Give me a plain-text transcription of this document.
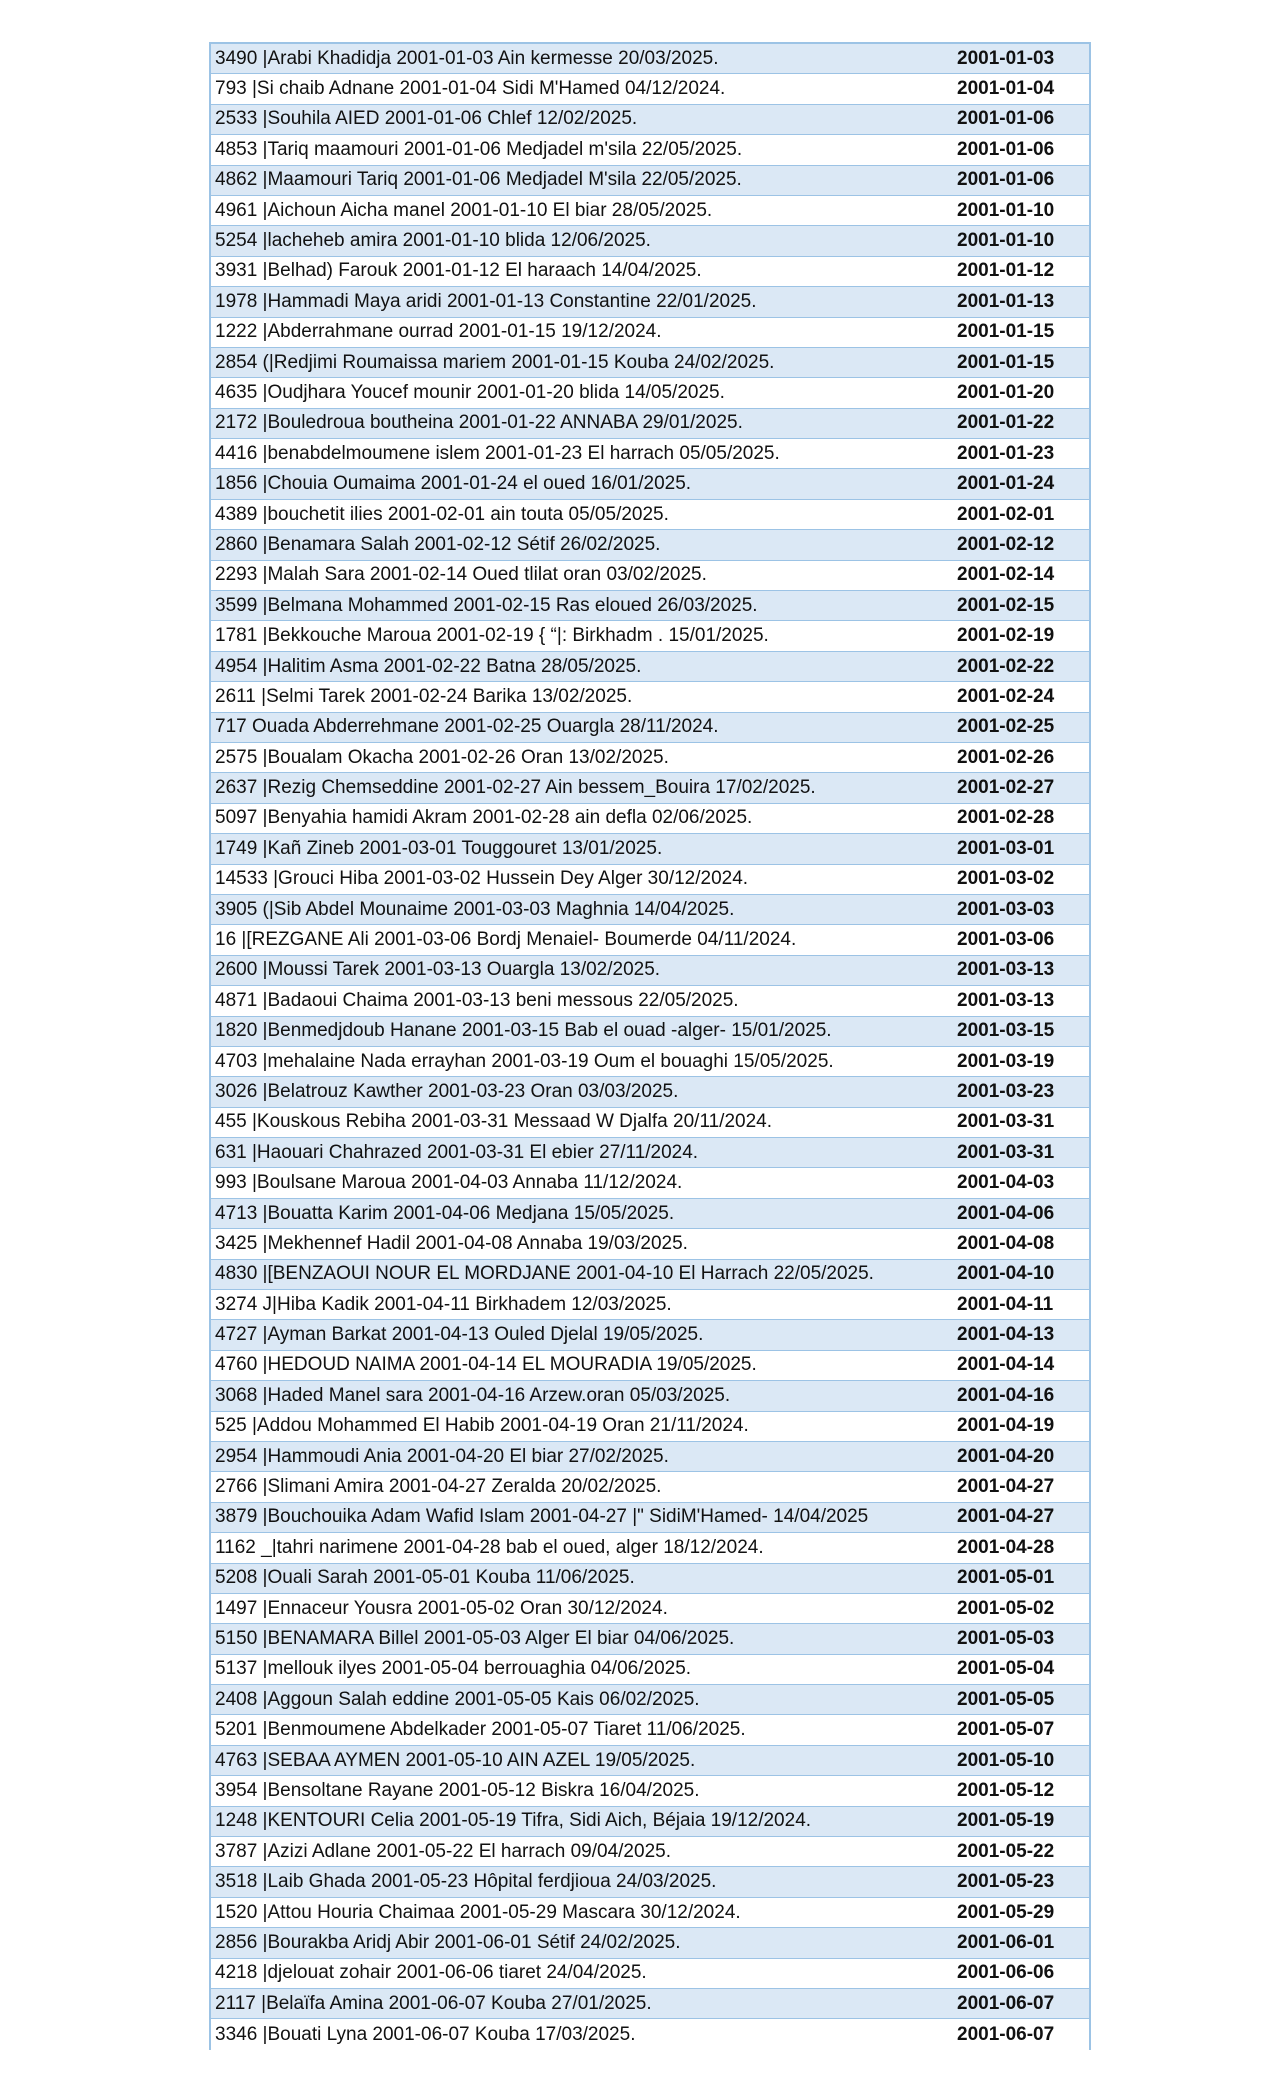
3490 |Arabi Khadidja 2001-01-03 Ain kermesse 20/03/2025.	2001-01-03
793 |Si chaib Adnane 2001-01-04 Sidi M'Hamed 04/12/2024.	2001-01-04
2533 |Souhila AIED 2001-01-06 Chlef 12/02/2025.	2001-01-06
4853 |Tariq maamouri 2001-01-06 Medjadel m'sila 22/05/2025.	2001-01-06
4862 |Maamouri Tariq 2001-01-06 Medjadel M'sila 22/05/2025.	2001-01-06
4961 |Aichoun Aicha manel 2001-01-10 El biar 28/05/2025.	2001-01-10
5254 |lacheheb amira 2001-01-10 blida 12/06/2025.	2001-01-10
3931 |Belhad) Farouk 2001-01-12 El haraach 14/04/2025.	2001-01-12
1978 |Hammadi Maya aridi 2001-01-13 Constantine 22/01/2025.	2001-01-13
1222 |Abderrahmane ourrad 2001-01-15 19/12/2024.	2001-01-15
2854 (|Redjimi Roumaissa mariem 2001-01-15 Kouba 24/02/2025.	2001-01-15
4635 |Oudjhara Youcef mounir 2001-01-20 blida 14/05/2025.	2001-01-20
2172 |Bouledroua boutheina 2001-01-22 ANNABA 29/01/2025.	2001-01-22
4416 |benabdelmoumene islem 2001-01-23 El harrach 05/05/2025.	2001-01-23
1856 |Chouia Oumaima 2001-01-24 el oued 16/01/2025.	2001-01-24
4389 |bouchetit ilies 2001-02-01 ain touta 05/05/2025.	2001-02-01
2860 |Benamara Salah 2001-02-12 Sétif 26/02/2025.	2001-02-12
2293 |Malah Sara 2001-02-14 Oued tlilat oran 03/02/2025.	2001-02-14
3599 |Belmana Mohammed 2001-02-15 Ras eloued 26/03/2025.	2001-02-15
1781 |Bekkouche Maroua 2001-02-19 { “|: Birkhadm . 15/01/2025.	2001-02-19
4954 |Halitim Asma 2001-02-22 Batna 28/05/2025.	2001-02-22
2611 |Selmi Tarek 2001-02-24 Barika 13/02/2025.	2001-02-24
717 Ouada Abderrehmane 2001-02-25 Ouargla 28/11/2024.	2001-02-25
2575 |Boualam Okacha 2001-02-26 Oran 13/02/2025.	2001-02-26
2637 |Rezig Chemseddine 2001-02-27 Ain bessem_Bouira 17/02/2025.	2001-02-27
5097 |Benyahia hamidi Akram 2001-02-28 ain defla 02/06/2025.	2001-02-28
1749 |Kañ Zineb 2001-03-01 Touggouret 13/01/2025.	2001-03-01
14533 |Grouci Hiba 2001-03-02 Hussein Dey Alger 30/12/2024.	2001-03-02
3905 (|Sib Abdel Mounaime 2001-03-03 Maghnia 14/04/2025.	2001-03-03
16 |[REZGANE Ali 2001-03-06 Bordj Menaiel- Boumerde 04/11/2024.	2001-03-06
2600 |Moussi Tarek 2001-03-13 Ouargla 13/02/2025.	2001-03-13
4871 |Badaoui Chaima 2001-03-13 beni messous 22/05/2025.	2001-03-13
1820 |Benmedjdoub Hanane 2001-03-15 Bab el ouad -alger- 15/01/2025.	2001-03-15
4703 |mehalaine Nada errayhan 2001-03-19 Oum el bouaghi 15/05/2025.	2001-03-19
3026 |Belatrouz Kawther 2001-03-23 Oran 03/03/2025.	2001-03-23
455 |Kouskous Rebiha 2001-03-31 Messaad W Djalfa 20/11/2024.	2001-03-31
631 |Haouari Chahrazed 2001-03-31 El ebier 27/11/2024.	2001-03-31
993 |Boulsane Maroua 2001-04-03 Annaba 11/12/2024.	2001-04-03
4713 |Bouatta Karim 2001-04-06 Medjana 15/05/2025.	2001-04-06
3425 |Mekhennef Hadil 2001-04-08 Annaba 19/03/2025.	2001-04-08
4830 |[BENZAOUI NOUR EL MORDJANE 2001-04-10 El Harrach 22/05/2025.	2001-04-10
3274 J|Hiba Kadik 2001-04-11 Birkhadem 12/03/2025.	2001-04-11
4727 |Ayman Barkat 2001-04-13 Ouled Djelal 19/05/2025.	2001-04-13
4760 |HEDOUD NAIMA 2001-04-14 EL MOURADIA 19/05/2025.	2001-04-14
3068 |Haded Manel sara 2001-04-16 Arzew.oran 05/03/2025.	2001-04-16
525 |Addou Mohammed El Habib 2001-04-19 Oran 21/11/2024.	2001-04-19
2954 |Hammoudi Ania 2001-04-20 El biar 27/02/2025.	2001-04-20
2766 |Slimani Amira 2001-04-27 Zeralda 20/02/2025.	2001-04-27
3879 |Bouchouika Adam Wafid Islam 2001-04-27 |" SidiM'Hamed- 14/04/2025	2001-04-27
1162 _|tahri narimene 2001-04-28 bab el oued, alger 18/12/2024.	2001-04-28
5208 |Ouali Sarah 2001-05-01 Kouba 11/06/2025.	2001-05-01
1497 |Ennaceur Yousra 2001-05-02 Oran 30/12/2024.	2001-05-02
5150 |BENAMARA Billel 2001-05-03 Alger El biar 04/06/2025.	2001-05-03
5137 |mellouk ilyes 2001-05-04 berrouaghia 04/06/2025.	2001-05-04
2408 |Aggoun Salah eddine 2001-05-05 Kais 06/02/2025.	2001-05-05
5201 |Benmoumene Abdelkader 2001-05-07 Tiaret 11/06/2025.	2001-05-07
4763 |SEBAA AYMEN 2001-05-10 AIN AZEL 19/05/2025.	2001-05-10
3954 |Bensoltane Rayane 2001-05-12 Biskra 16/04/2025.	2001-05-12
1248 |KENTOURI Celia 2001-05-19 Tifra, Sidi Aich, Béjaia 19/12/2024.	2001-05-19
3787 |Azizi Adlane 2001-05-22 El harrach 09/04/2025.	2001-05-22
3518 |Laib Ghada 2001-05-23 Hôpital ferdjioua 24/03/2025.	2001-05-23
1520 |Attou Houria Chaimaa 2001-05-29 Mascara 30/12/2024.	2001-05-29
2856 |Bourakba Aridj Abir 2001-06-01 Sétif 24/02/2025.	2001-06-01
4218 |djelouat zohair 2001-06-06 tiaret 24/04/2025.	2001-06-06
2117 |Belaïfa Amina 2001-06-07 Kouba 27/01/2025.	2001-06-07
3346 |Bouati Lyna 2001-06-07 Kouba 17/03/2025.	2001-06-07
